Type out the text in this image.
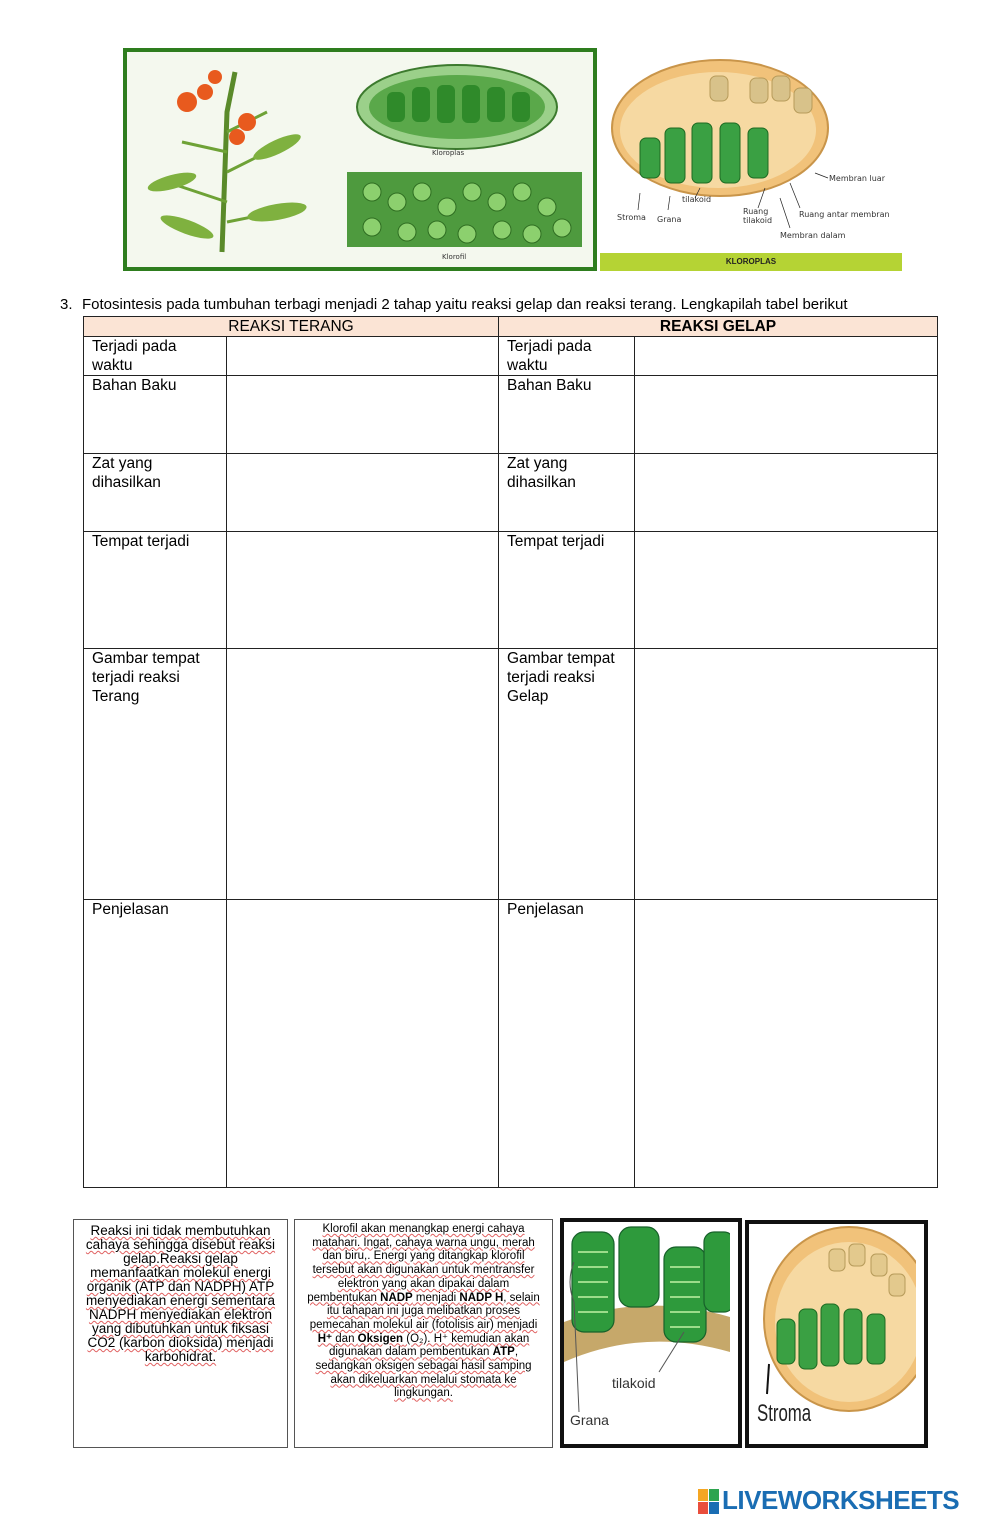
Kloroplas
Klorofil
Membran luar
tilakoid
Stroma Grana
Ruang tilakoid
Ruang antar membran
Membran dalam
KLOROPLAS
3. Fotosintesis pada tumbuhan terbagi menjadi 2 tahap yaitu reaksi gelap dan reaksi terang. Lengkapilah tabel berikut
REAKSI TERANG		REAKSI GELAP	
Terjadi pada waktu		Terjadi pada waktu	
Bahan Baku		Bahan Baku	
Zat yang dihasilkan		Zat yang dihasilkan	
Tempat terjadi		Tempat terjadi	
Gambar tempat terjadi reaksi Terang		Gambar tempat terjadi reaksi Gelap	
Penjelasan		Penjelasan	
Reaksi ini tidak membutuhkan cahaya sehingga disebut reaksi gelap.Reaksi gelap memanfaatkan molekul energi organik (ATP dan NADPH) ATP menyediakan energi sementara NADPH menyediakan elektron yang dibutuhkan untuk fiksasi CO2 (karbon dioksida) menjadi karbohidrat.
Klorofil akan menangkap energi cahaya matahari. Ingat, cahaya warna ungu, merah dan biru,. Energi yang ditangkap klorofil tersebut akan digunakan untuk mentransfer elektron yang akan dipakai dalam pembentukan NADP menjadi NADP H, selain itu tahapan ini juga melibatkan proses pemecahan molekul air (fotolisis air) menjadi H⁺ dan Oksigen (O₂). H⁺ kemudian akan digunakan dalam pembentukan ATP, sedangkan oksigen sebagai hasil samping akan dikeluarkan melalui stomata ke lingkungan.
tilakoid
Grana	Stroma
LIVEWORKSHEETS
